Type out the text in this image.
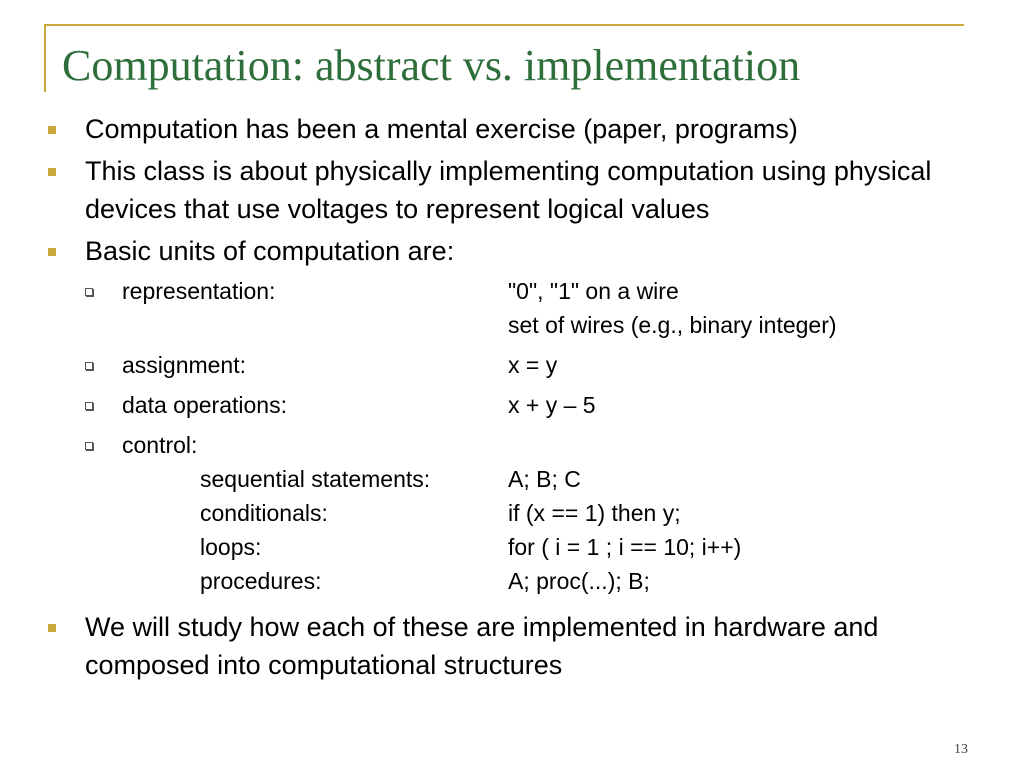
Computation: abstract vs. implementation
Computation has been a mental exercise (paper, programs)
This class is about physically implementing computation using physical devices that use voltages to represent logical values
Basic units of computation are:
representation:	"0", "1" on a wire
set of wires (e.g., binary integer)
assignment:	x = y
data operations:	x + y – 5
control:
sequential statements:	A; B; C
conditionals:	if (x == 1) then y;
loops:	for ( i = 1 ; i == 10; i++)
procedures:	A; proc(...); B;
We will study how each of these are implemented in hardware and composed into computational structures
13
